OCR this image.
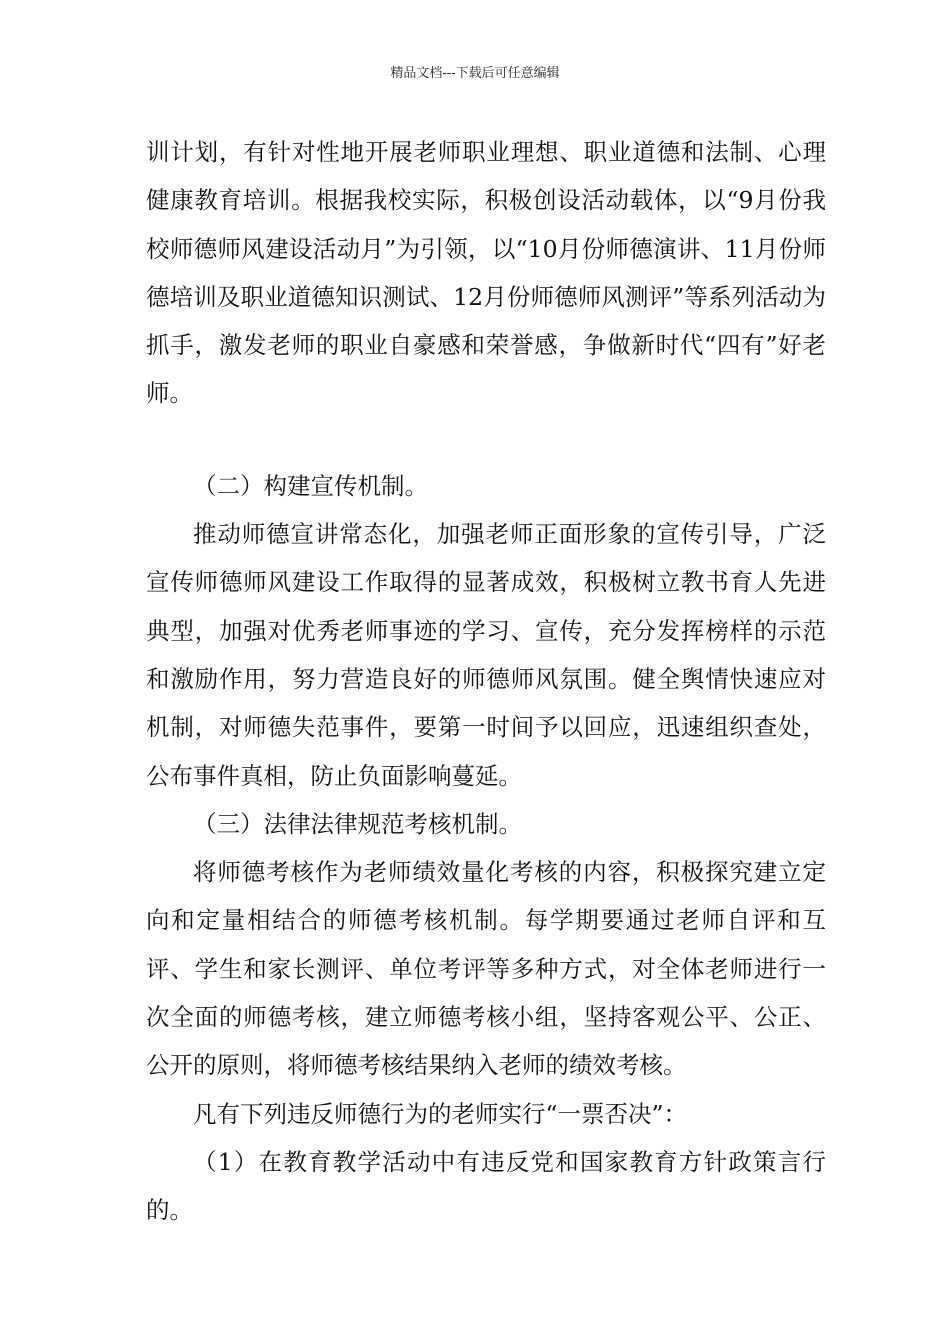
精品文档---下载后可任意编辑

训计划，有针对性地开展老师职业理想、职业道德和法制、心理健康教育培训。根据我校实际，积极创设活动载体，以“9月份我校师德师风建设活动月”为引领，以“10月份师德演讲、11月份师德培训及职业道德知识测试、12月份师德师风测评”等系列活动为抓手，激发老师的职业自豪感和荣誉感，争做新时代“四有”好老师。

（二）构建宣传机制。

推动师德宣讲常态化，加强老师正面形象的宣传引导，广泛宣传师德师风建设工作取得的显著成效，积极树立教书育人先进典型，加强对优秀老师事迹的学习、宣传，充分发挥榜样的示范和激励作用，努力营造良好的师德师风氛围。健全舆情快速应对机制，对师德失范事件，要第一时间予以回应，迅速组织查处，公布事件真相，防止负面影响蔓延。

（三）法律法律规范考核机制。

将师德考核作为老师绩效量化考核的内容，积极探究建立定向和定量相结合的师德考核机制。每学期要通过老师自评和互评、学生和家长测评、单位考评等多种方式，对全体老师进行一次全面的师德考核，建立师德考核小组，坚持客观公平、公正、公开的原则，将师德考核结果纳入老师的绩效考核。

凡有下列违反师德行为的老师实行“一票否决”：

（1）在教育教学活动中有违反党和国家教育方针政策言行的。
